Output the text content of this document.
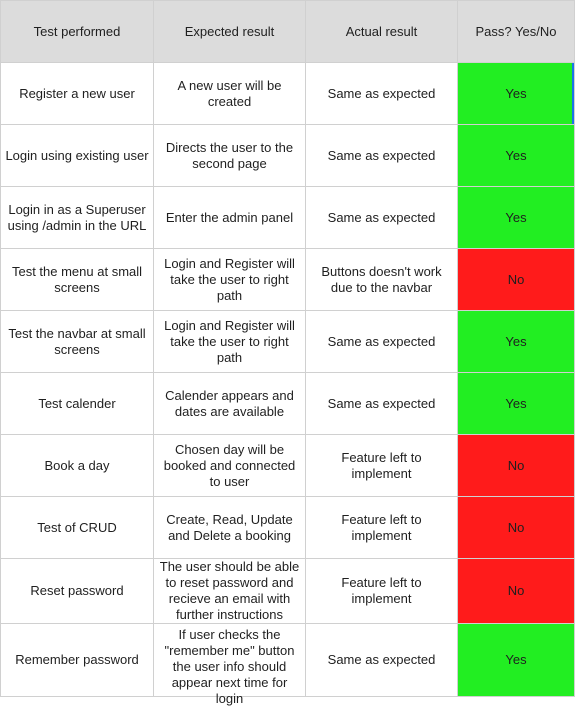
Test performed	Expected result	Actual result	Pass? Yes/No
Register a new user	A new user will be created	Same as expected	Yes
Login using existing user	Directs the user to the second page	Same as expected	Yes
Login in as a Superuser using /admin in the URL	Enter the admin panel	Same as expected	Yes
Test the menu at small screens	Login and Register will take the user to right path	Buttons doesn't work due to the navbar	No
Test the navbar at small screens	Login and Register will take the user to right path	Same as expected	Yes
Test calender	Calender appears and dates are available	Same as expected	Yes
Book a day	Chosen day will be booked and connected to user	Feature left to implement	No
Test of CRUD	Create, Read, Update and Delete a booking	Feature left to implement	No
Reset password	The user should be able to reset password and recieve an email with further instructions	Feature left to implement	No
Remember password	If user checks the "remember me" button the user info should appear next time for login	Same as expected	Yes
